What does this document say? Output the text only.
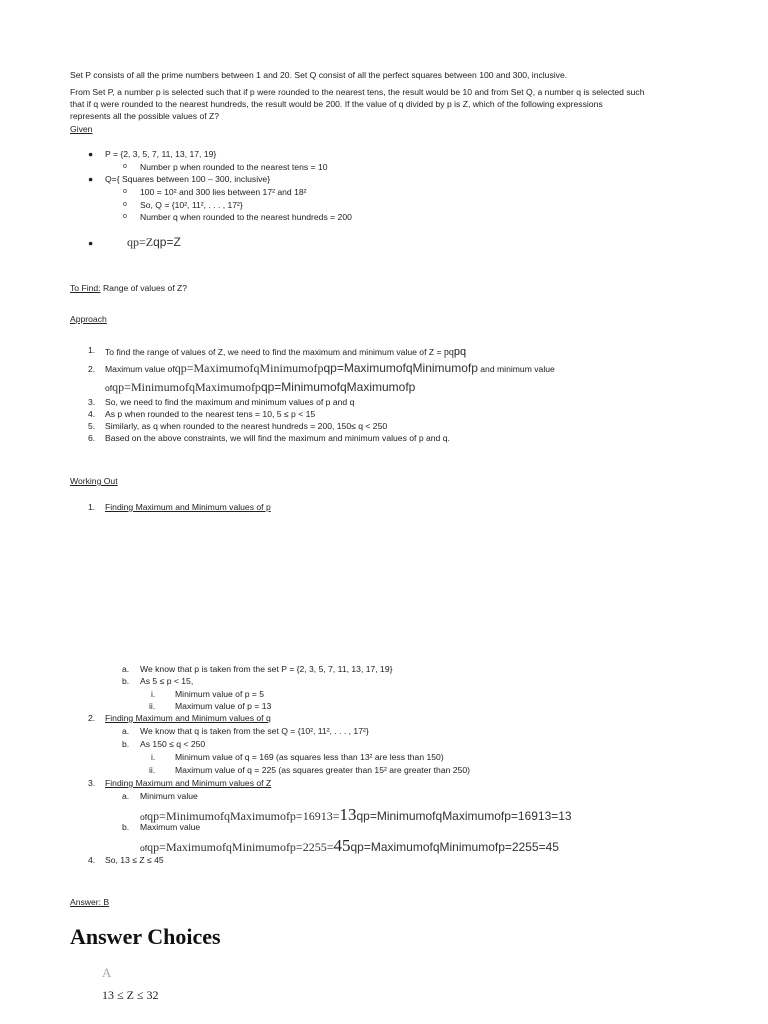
Set P consists of all the prime numbers between 1 and 20. Set Q consist of all the perfect squares between 100 and 300, inclusive.
From Set P, a number p is selected such that if p were rounded to the nearest tens, the result would be 10 and from Set Q, a number q is selected such
that if q were rounded to the nearest hundreds, the result would be 200. If the value of q divided by p is Z, which of the following expressions
represents all the possible values of Z?
Given
● P = {2, 3, 5, 7, 11, 13, 17, 19}
o Number p when rounded to the nearest tens = 10
● Q={ Squares between 100 – 300, inclusive}
o 100 = 10² and 300 lies between 17² and 18²
o So, Q = {10², 11², . . . , 17²}
o Number q when rounded to the nearest hundreds = 200
●	qp=Zqp=Z
To Find: Range of values of Z?
Approach
1. To find the range of values of Z, we need to find the maximum and minimum value of Z = pqpq
2. Maximum value ofqp=MaximumofqMinimumofpqp=MaximumofqMinimumofp and minimum value
ofqp=MinimumofqMaximumofpqp=MinimumofqMaximumofp
3. So, we need to find the maximum and minimum values of p and q
4. As p when rounded to the nearest tens = 10, 5 ≤ p < 15
5. Similarly, as q when rounded to the nearest hundreds = 200, 150≤ q < 250
6. Based on the above constraints, we will find the maximum and minimum values of p and q.
Working Out
1. Finding Maximum and Minimum values of p
a. We know that p is taken from the set P = {2, 3, 5, 7, 11, 13, 17, 19}
b. As 5 ≤ p < 15,
i. Minimum value of p = 5
ii. Maximum value of p = 13
2. Finding Maximum and Minimum values of q
a. We know that q is taken from the set Q = {10², 11², . . . , 17²}
b. As 150 ≤ q < 250
i. Minimum value of q = 169 (as squares less than 13² are less than 150)
ii. Maximum value of q = 225 (as squares greater than 15² are greater than 250)
3. Finding Maximum and Minimum values of Z
a. Minimum value
ofqp=MinimumofqMaximumofp=16913=13qp=MinimumofqMaximumofp=16913=13
b. Maximum value
ofqp=MaximumofqMinimumofp=2255=45qp=MaximumofqMinimumofp=2255=45
4. So, 13 ≤ Z ≤ 45
Answer: B
Answer Choices
A
13 ≤ Z ≤ 32
